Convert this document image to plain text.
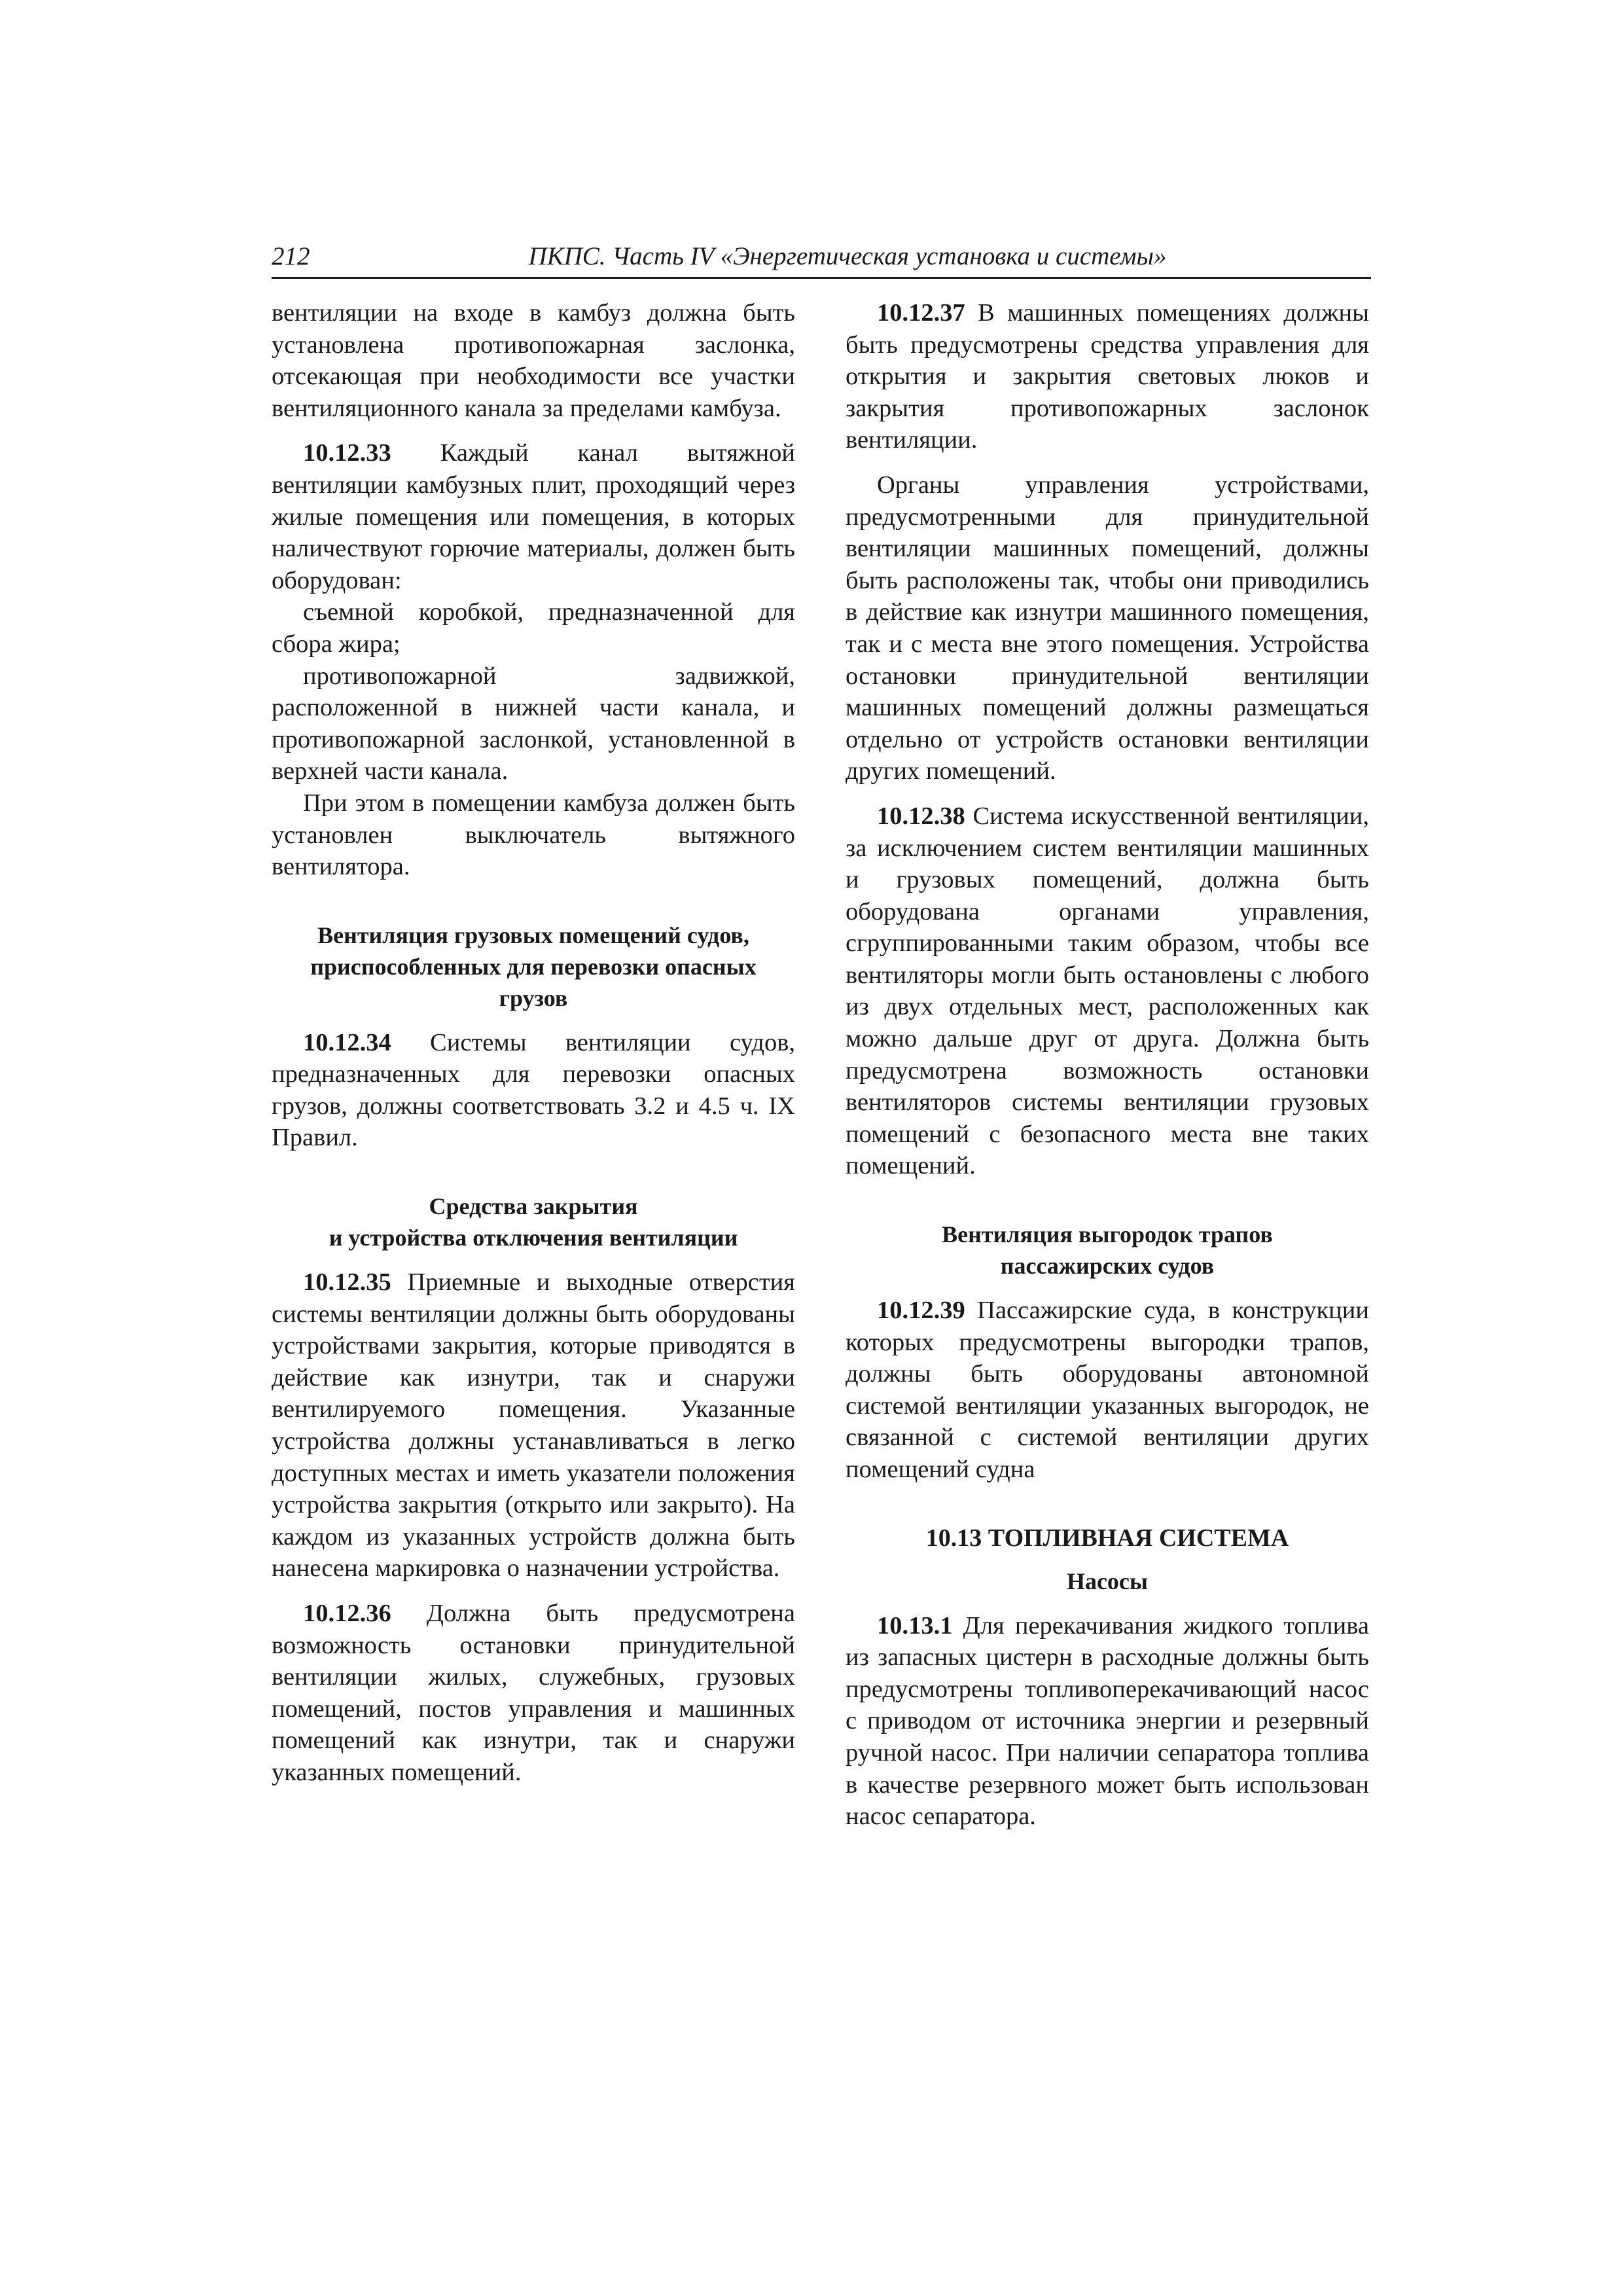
212	ПКПС. Часть IV «Энергетическая установка и системы»

вентиляции на входе в камбуз должна быть установлена противопожарная заслонка, отсекающая при необходимости все участки вентиляционного канала за пределами камбуза.

10.12.33 Каждый канал вытяжной вентиляции камбузных плит, проходящий через жилые помещения или помещения, в которых наличествуют горючие материалы, должен быть оборудован:

съемной коробкой, предназначенной для сбора жира;

противопожарной задвижкой, расположенной в нижней части канала, и противопожарной заслонкой, установленной в верхней части канала.

При этом в помещении камбуза должен быть установлен выключатель вытяжного вентилятора.

Вентиляция грузовых помещений судов,
приспособленных для перевозки опасных
грузов

10.12.34 Системы вентиляции судов, предназначенных для перевозки опасных грузов, должны соответствовать 3.2 и 4.5 ч. IX Правил.

Средства закрытия
и устройства отключения вентиляции

10.12.35 Приемные и выходные отверстия системы вентиляции должны быть оборудованы устройствами закрытия, которые приводятся в действие как изнутри, так и снаружи вентилируемого помещения. Указанные устройства должны устанавливаться в легко доступных местах и иметь указатели положения устройства закрытия (открыто или закрыто). На каждом из указанных устройств должна быть нанесена маркировка о назначении устройства.

10.12.36 Должна быть предусмотрена возможность остановки принудительной вентиляции жилых, служебных, грузовых помещений, постов управления и машинных помещений как изнутри, так и снаружи указанных помещений.

10.12.37 В машинных помещениях должны быть предусмотрены средства управления для открытия и закрытия световых люков и закрытия противопожарных заслонок вентиляции.

Органы управления устройствами, предусмотренными для принудительной вентиляции машинных помещений, должны быть расположены так, чтобы они приводились в действие как изнутри машинного помещения, так и с места вне этого помещения. Устройства остановки принудительной вентиляции машинных помещений должны размещаться отдельно от устройств остановки вентиляции других помещений.

10.12.38 Система искусственной вентиляции, за исключением систем вентиляции машинных и грузовых помещений, должна быть оборудована органами управления, сгруппированными таким образом, чтобы все вентиляторы могли быть остановлены с любого из двух отдельных мест, расположенных как можно дальше друг от друга. Должна быть предусмотрена возможность остановки вентиляторов системы вентиляции грузовых помещений с безопасного места вне таких помещений.

Вентиляция выгородок трапов
пассажирских судов

10.12.39 Пассажирские суда, в конструкции которых предусмотрены выгородки трапов, должны быть оборудованы автономной системой вентиляции указанных выгородок, не связанной с системой вентиляции других помещений судна

10.13 ТОПЛИВНАЯ СИСТЕМА
Насосы

10.13.1 Для перекачивания жидкого топлива из запасных цистерн в расходные должны быть предусмотрены топливоперекачивающий насос с приводом от источника энергии и резервный ручной насос. При наличии сепаратора топлива в качестве резервного может быть использован насос сепаратора.
